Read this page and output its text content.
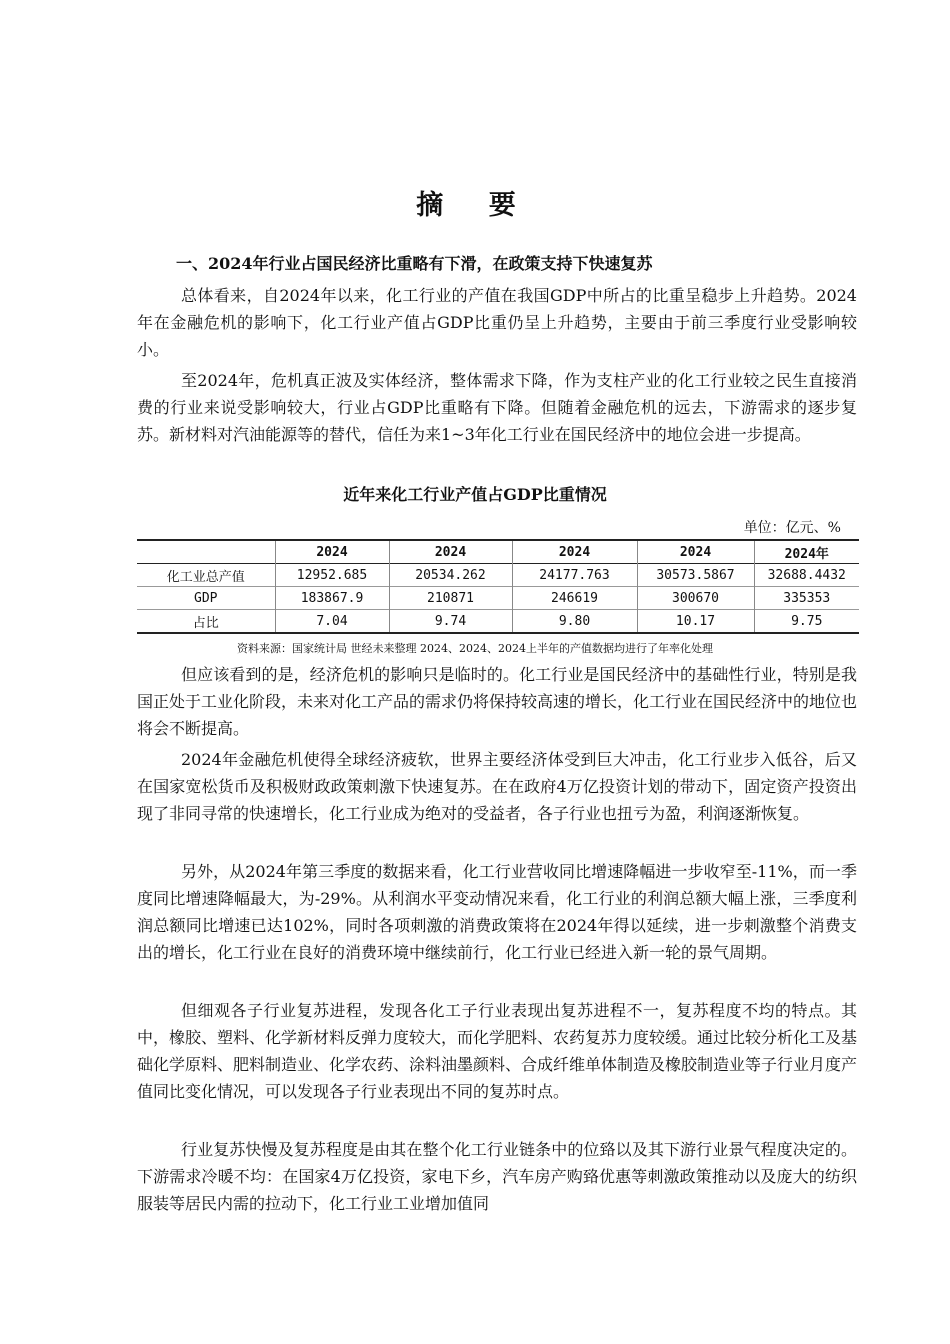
摘 要
一、2024年行业占国民经济比重略有下滑，在政策支持下快速复苏

总体看来，自2024年以来，化工行业的产值在我国GDP中所占的比重呈稳步上升趋势。2024年在金融危机的影响下，化工行业产值占GDP比重仍呈上升趋势，主要由于前三季度行业受影响较小。

至2024年，危机真正波及实体经济，整体需求下降，作为支柱产业的化工行业较之民生直接消费的行业来说受影响较大，行业占GDP比重略有下降。但随着金融危机的远去，下游需求的逐步复苏。新材料对汽油能源等的替代，信任为来1~3年化工行业在国民经济中的地位会进一步提高。

近年来化工行业产值占GDP比重情况
单位：亿元、%
	2024	2024	2024	2024	2024年
化工业总产值	12952.685	20534.262	24177.763	30573.5867	32688.4432
GDP	183867.9	210871	246619	300670	335353
占比	7.04	9.74	9.80	10.17	9.75
资料来源：国家统计局 世经未来整理 2024、2024、2024上半年的产值数据均进行了年率化处理

但应该看到的是，经济危机的影响只是临时的。化工行业是国民经济中的基础性行业，特别是我国正处于工业化阶段，未来对化工产品的需求仍将保持较高速的增长，化工行业在国民经济中的地位也将会不断提高。

2024年金融危机使得全球经济疲软，世界主要经济体受到巨大冲击，化工行业步入低谷，后又在国家宽松货币及积极财政政策刺激下快速复苏。在在政府4万亿投资计划的带动下，固定资产投资出现了非同寻常的快速增长，化工行业成为绝对的受益者，各子行业也扭亏为盈，利润逐渐恢复。

另外，从2024年第三季度的数据来看，化工行业营收同比增速降幅进一步收窄至-11%，而一季度同比增速降幅最大，为-29%。从利润水平变动情况来看，化工行业的利润总额大幅上涨，三季度利润总额同比增速已达102%，同时各项刺激的消费政策将在2024年得以延续，进一步刺激整个消费支出的增长，化工行业在良好的消费环境中继续前行，化工行业已经进入新一轮的景气周期。

但细观各子行业复苏进程，发现各化工子行业表现出复苏进程不一，复苏程度不均的特点。其中，橡胶、塑料、化学新材料反弹力度较大，而化学肥料、农药复苏力度较缓。通过比较分析化工及基础化学原料、肥料制造业、化学农药、涂料油墨颜料、合成纤维单体制造及橡胶制造业等子行业月度产值同比变化情况，可以发现各子行业表现出不同的复苏时点。

行业复苏快慢及复苏程度是由其在整个化工行业链条中的位臵以及其下游行业景气程度决定的。下游需求冷暖不均：在国家4万亿投资，家电下乡，汽车房产购臵优惠等刺激政策推动以及庞大的纺织服装等居民内需的拉动下，化工行业工业增加值同
